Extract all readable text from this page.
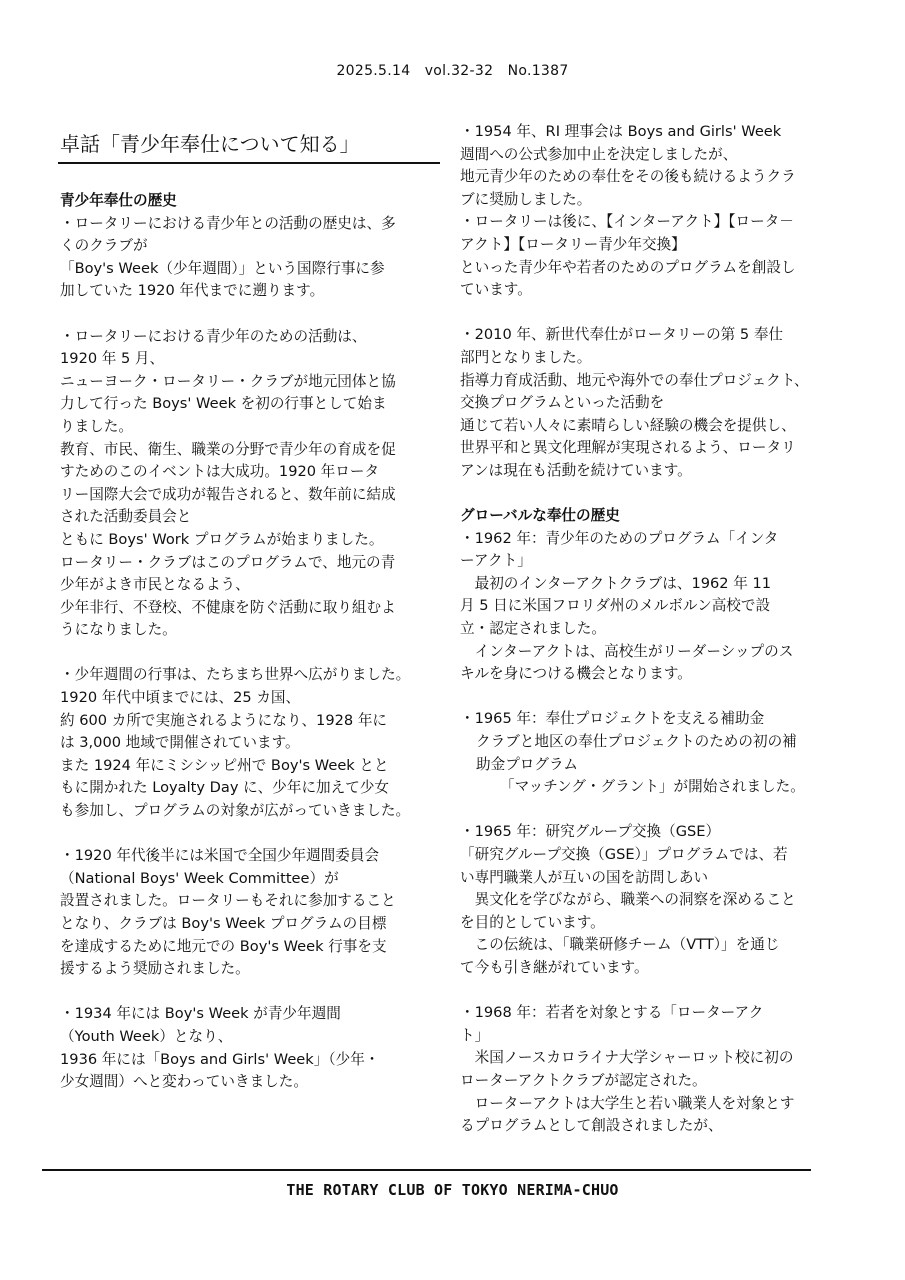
2025.5.14　vol.32-32　No.1387
卓話「青少年奉仕について知る」

青少年奉仕の歴史

・ロータリーにおける青少年との活動の歴史は、多

くのクラブが

「Boy's Week（少年週間）」という国際行事に参

加していた 1920 年代までに遡ります。

・ロータリーにおける青少年のための活動は、

1920 年 5 月、

ニューヨーク・ロータリー・クラブが地元団体と協

力して行った Boys' Week を初の行事として始ま

りました。

教育、市民、衛生、職業の分野で青少年の育成を促

すためのこのイベントは大成功。1920 年ロータ

リー国際大会で成功が報告されると、数年前に結成

された活動委員会と

ともに Boys' Work プログラムが始まりました。

ロータリー・クラブはこのプログラムで、地元の青

少年がよき市民となるよう、

少年非行、不登校、不健康を防ぐ活動に取り組むよ

うになりました。

・少年週間の行事は、たちまち世界へ広がりました。

1920 年代中頃までには、25 カ国、

約 600 カ所で実施されるようになり、1928 年に

は 3,000 地域で開催されています。

また 1924 年にミシシッピ州で Boy's Week とと

もに開かれた Loyalty Day に、少年に加えて少女

も参加し、プログラムの対象が広がっていきました。

・1920 年代後半には米国で全国少年週間委員会

（National Boys' Week Committee）が

設置されました。ロータリーもそれに参加すること

となり、クラブは Boy's Week プログラムの目標

を達成するために地元での Boy's Week 行事を支

援するよう奨励されました。

・1934 年には Boy's Week が青少年週間

（Youth Week）となり、

1936 年には「Boys and Girls' Week」（少年・

少女週間）へと変わっていきました。

・1954 年、RI 理事会は Boys and Girls' Week

週間への公式参加中止を決定しましたが、

地元青少年のための奉仕をその後も続けるようクラ

ブに奨励しました。

・ロータリーは後に、【インターアクト】【ロータ－

アクト】【ロータリー青少年交換】

といった青少年や若者のためのプログラムを創設し

ています。

・2010 年、新世代奉仕がロータリーの第 5 奉仕

部門となりました。

指導力育成活動、地元や海外での奉仕プロジェクト、

交換プログラムといった活動を

通じて若い人々に素晴らしい経験の機会を提供し、

世界平和と異文化理解が実現されるよう、ロータリ

アンは現在も活動を続けています。

グローバルな奉仕の歴史

・1962 年：青少年のためのプログラム「インタ

ーアクト」

　最初のインターアクトクラブは、1962 年 11

月 5 日に米国フロリダ州のメルボルン高校で設

立・認定されました。

　インターアクトは、高校生がリーダーシップのス

キルを身につける機会となります。

・1965 年：奉仕プロジェクトを支える補助金

クラブと地区の奉仕プロジェクトのための初の補

助金プログラム

「マッチング・グラント」が開始されました。

・1965 年：研究グループ交換（GSE）

「研究グループ交換（GSE）」プログラムでは、若

い専門職業人が互いの国を訪問しあい

　異文化を学びながら、職業への洞察を深めること

を目的としています。

　この伝統は、「職業研修チーム（VTT）」を通じ

て今も引き継がれています。

・1968 年：若者を対象とする「ローターアク

ト」

　米国ノースカロライナ大学シャーロット校に初の

ローターアクトクラブが認定された。

　ローターアクトは大学生と若い職業人を対象とす

るプログラムとして創設されましたが、

THE ROTARY CLUB OF TOKYO NERIMA-CHUO
